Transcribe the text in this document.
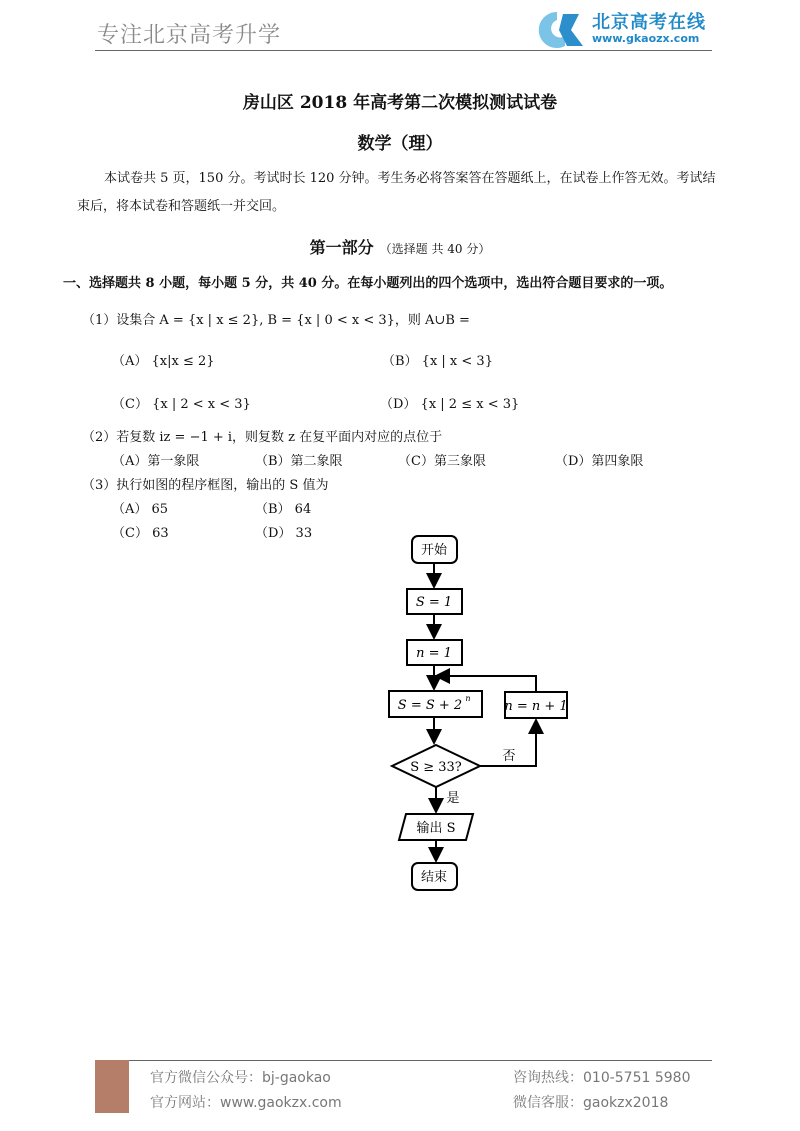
专注北京高考升学
北京高考在线
www.gkaozx.com
房山区 2018 年高考第二次模拟测试试卷
数学（理）
本试卷共 5 页，150 分。考试时长 120 分钟。考生务必将答案答在答题纸上，在试卷上作答无效。考试结束后，将本试卷和答题纸一并交回。
第一部分 （选择题 共 40 分）
一、选择题共 8 小题，每小题 5 分，共 40 分。在每小题列出的四个选项中，选出符合题目要求的一项。
（1）设集合 A = {x | x ≤ 2}, B = {x | 0 < x < 3}，则 A∪B =
（A） {x|x ≤ 2}	（B） {x | x < 3}
（C） {x | 2 < x < 3}	（D） {x | 2 ≤ x < 3}
（2）若复数 iz = −1 + i，则复数 z 在复平面内对应的点位于
（A）第一象限	（B）第二象限	（C）第三象限	（D）第四象限
（3）执行如图的程序框图，输出的 S 值为
（A） 65	（B） 64
（C） 63	（D） 33
开始
S = 1
n = 1
S = S + 2 n
n = n + 1
S ≥ 33?
输出 S
结束
否
是
官方微信公众号：bj-gaokao
官方网站：www.gaokzx.com
咨询热线：010-5751 5980
微信客服：gaokzx2018
